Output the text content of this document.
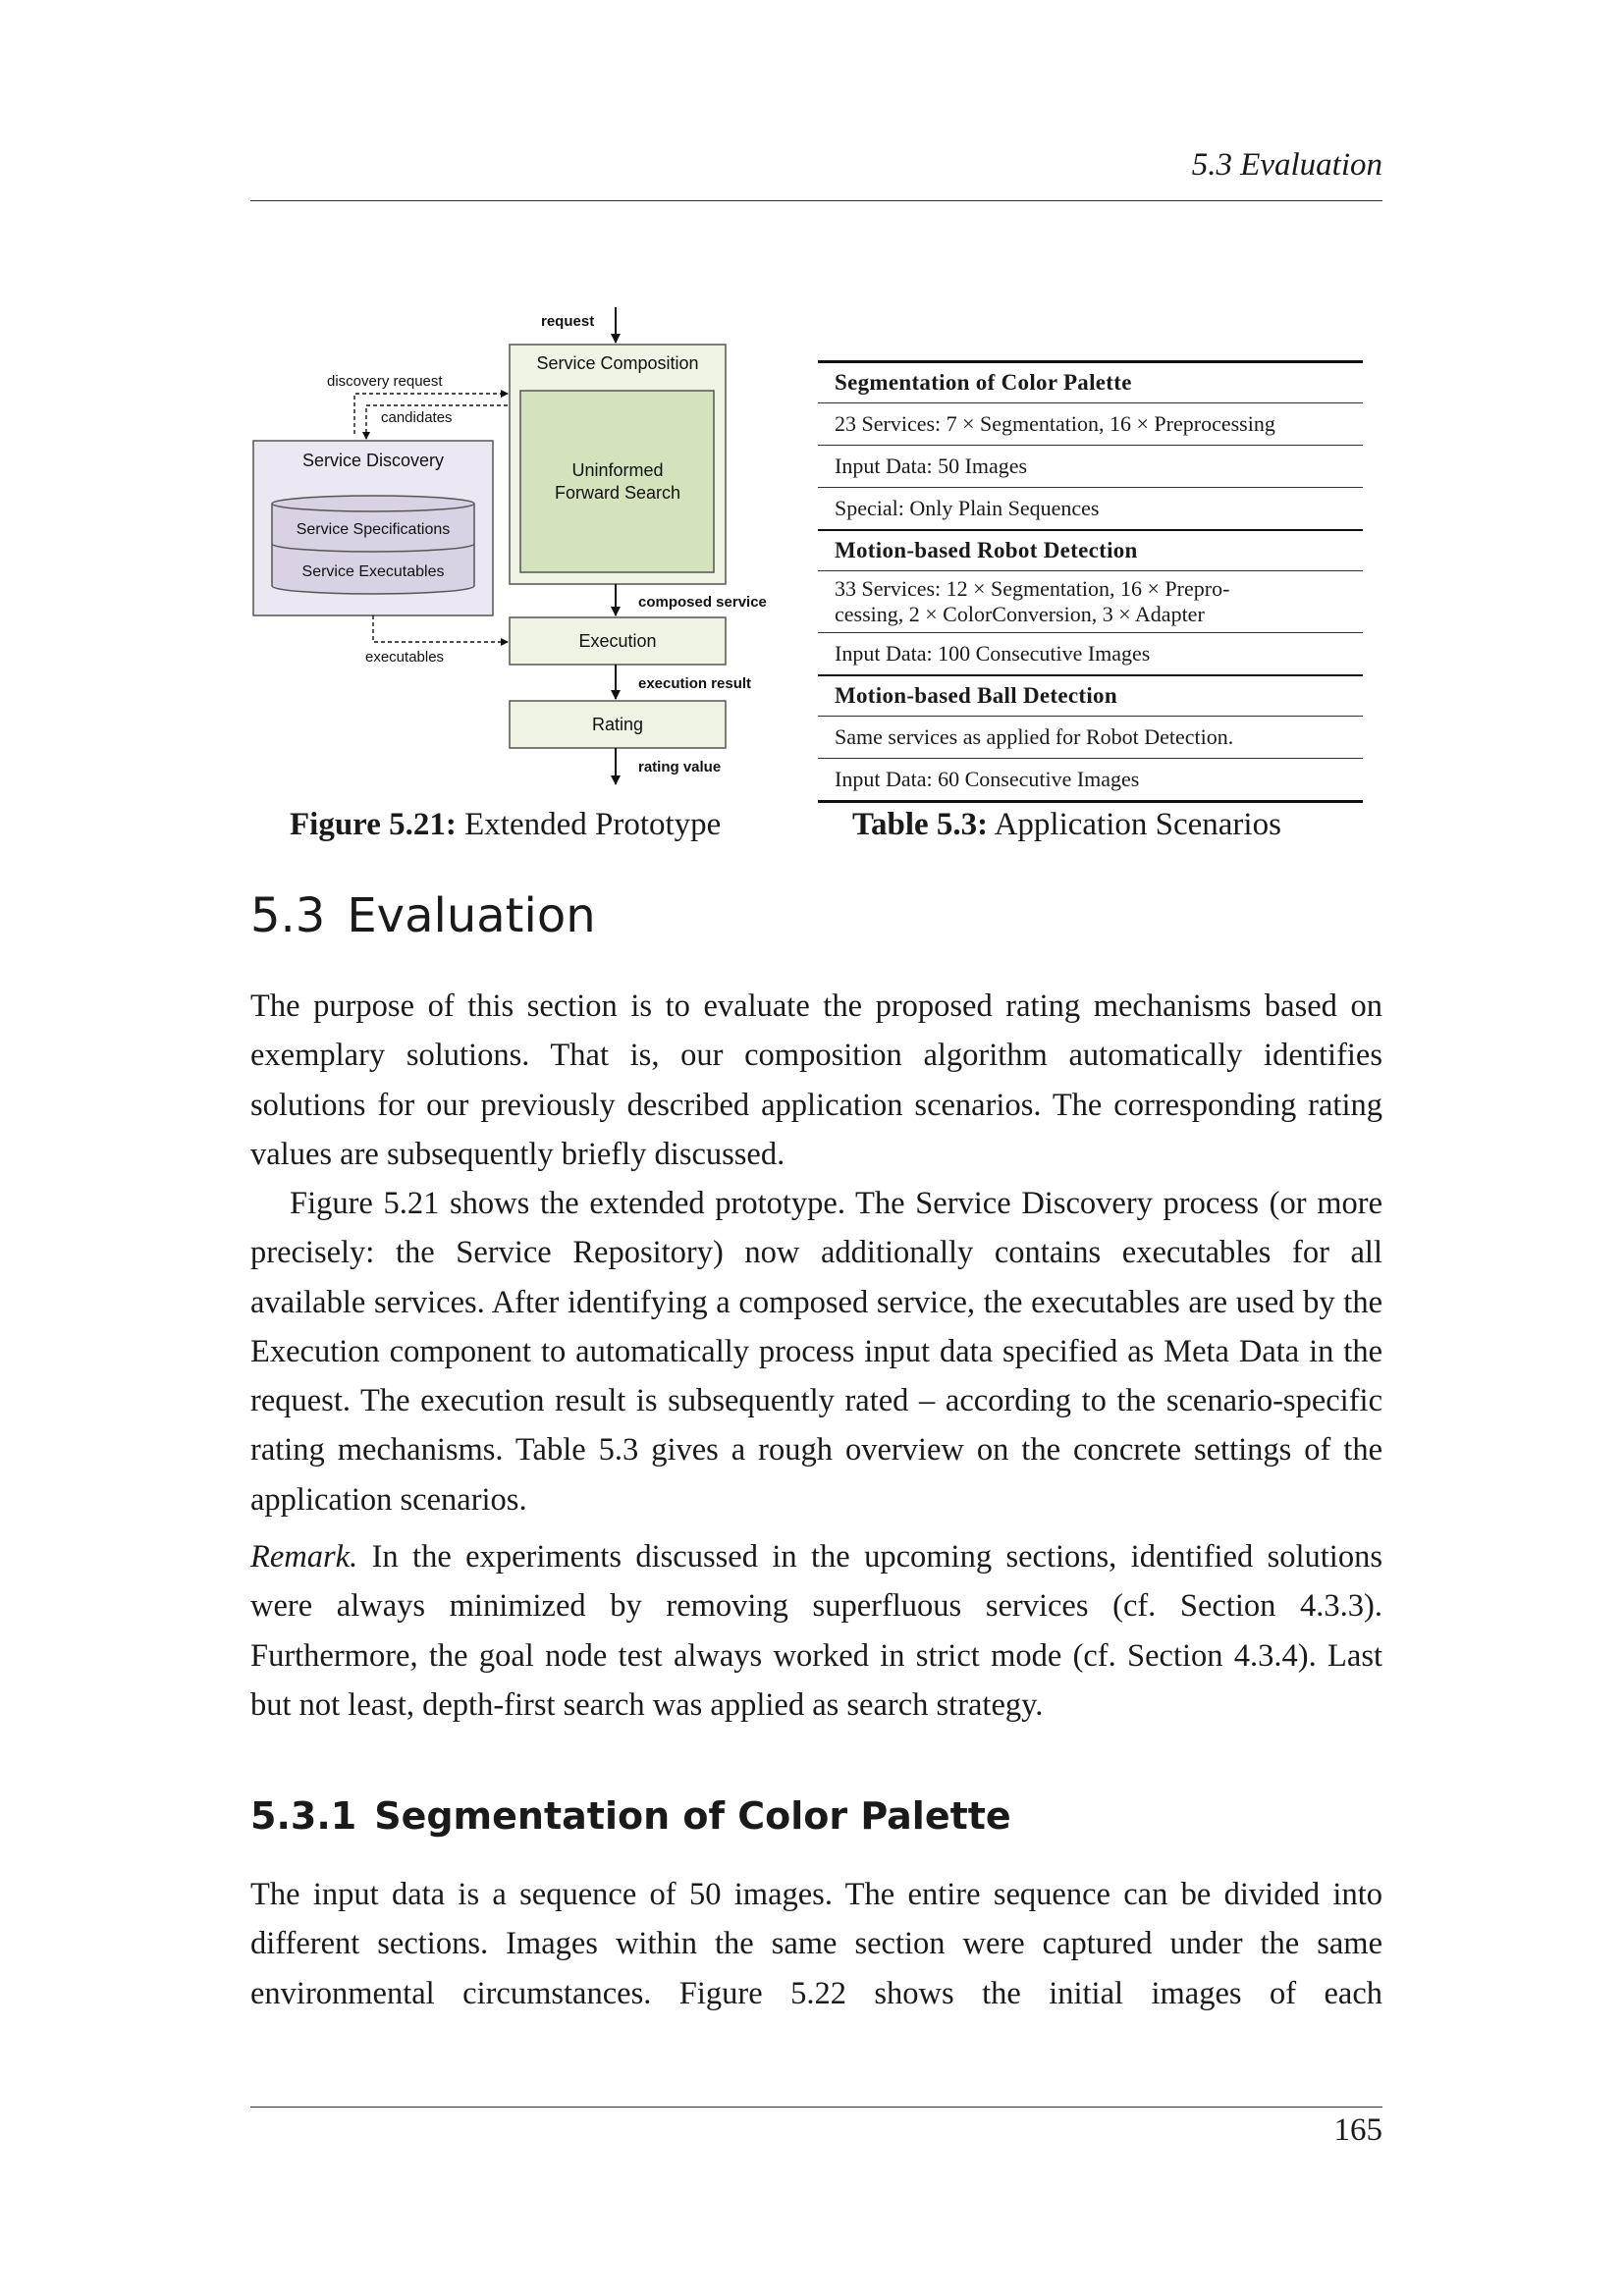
5.3 Evaluation
request
Service Composition
Uninformed
Forward Search
Service Discovery
Service Specifications
Service Executables
discovery request
candidates
composed service
Execution
executables
execution result
Rating
rating value
Figure 5.21: Extended Prototype
Segmentation of Color Palette
23 Services: 7 × Segmentation, 16 × Preprocessing
Input Data: 50 Images
Special: Only Plain Sequences
Motion-based Robot Detection
33 Services: 12 × Segmentation, 16 × Prepro-
cessing, 2 × ColorConversion, 3 × Adapter
Input Data: 100 Consecutive Images
Motion-based Ball Detection
Same services as applied for Robot Detection.
Input Data: 60 Consecutive Images
Table 5.3: Application Scenarios
5.3 Evaluation

The purpose of this section is to evaluate the proposed rating mechanisms based on exemplary solutions. That is, our composition algorithm automatically identifies solutions for our previously described application scenarios. The corresponding rating values are subsequently briefly discussed.

Figure 5.21 shows the extended prototype. The Service Discovery process (or more precisely: the Service Repository) now additionally contains executables for all available services. After identifying a composed service, the executables are used by the Execution component to automatically process input data specified as Meta Data in the request. The execution result is subsequently rated – according to the scenario-specific rating mechanisms. Table 5.3 gives a rough overview on the concrete settings of the application scenarios.

Remark. In the experiments discussed in the upcoming sections, identified solutions were always minimized by removing superfluous services (cf. Section 4.3.3). Furthermore, the goal node test always worked in strict mode (cf. Section 4.3.4). Last but not least, depth-first search was applied as search strategy.

5.3.1 Segmentation of Color Palette

The input data is a sequence of 50 images. The entire sequence can be divided into different sections. Images within the same section were captured under the same environmental circumstances. Figure 5.22 shows the initial images of each

165
